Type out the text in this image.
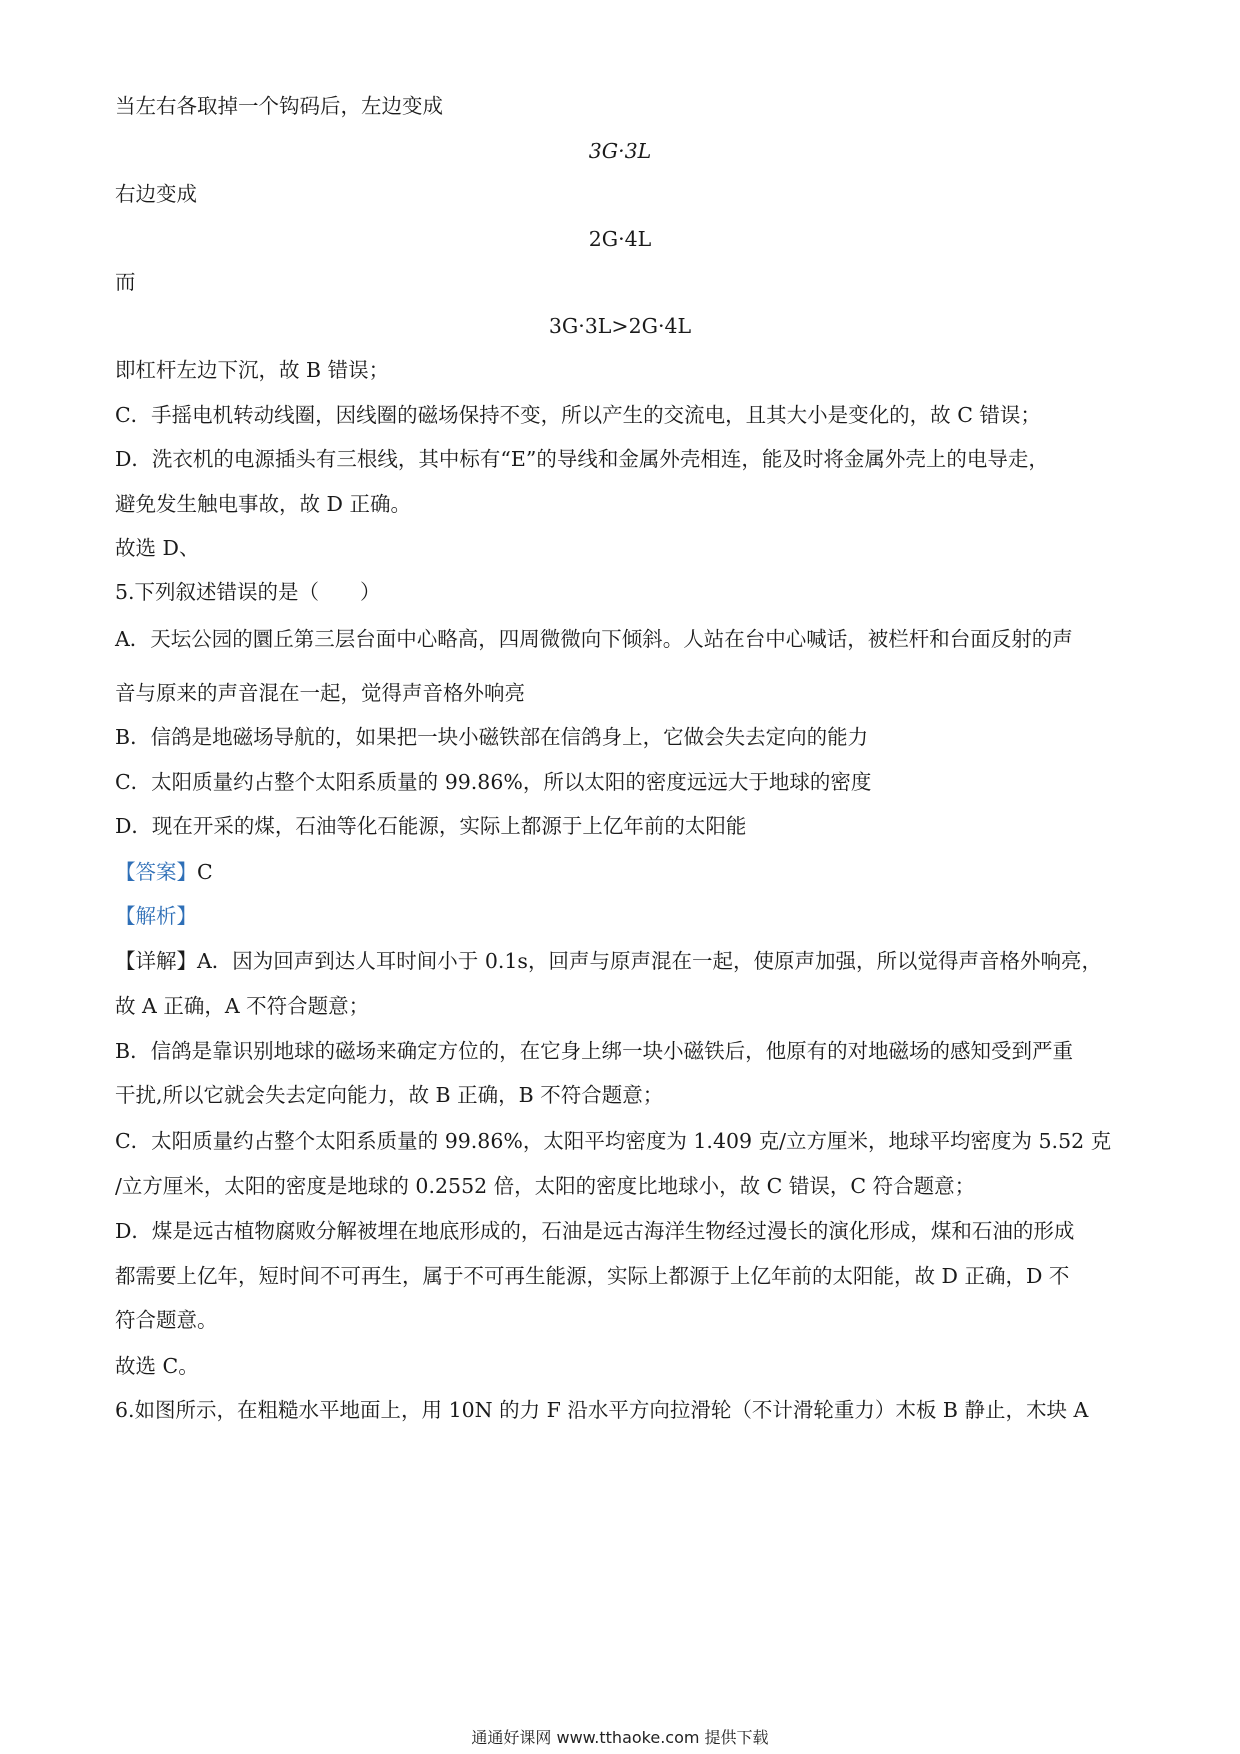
当左右各取掉一个钩码后，左边变成
3G·3L
右边变成
2G·4L
而
3G·3L>2G·4L
即杠杆左边下沉，故 B 错误；
C．手摇电机转动线圈，因线圈的磁场保持不变，所以产生的交流电，且其大小是变化的，故 C 错误；
D．洗衣机的电源插头有三根线，其中标有“E”的导线和金属外壳相连，能及时将金属外壳上的电导走，
避免发生触电事故，故 D 正确。
故选 D、
5.下列叙述错误的是（　　）
A．天坛公园的圜丘第三层台面中心略高，四周微微向下倾斜。人站在台中心喊话，被栏杆和台面反射的声
音与原来的声音混在一起，觉得声音格外响亮
B．信鸽是地磁场导航的，如果把一块小磁铁部在信鸽身上，它做会失去定向的能力
C．太阳质量约占整个太阳系质量的 99.86%，所以太阳的密度远远大于地球的密度
D．现在开采的煤，石油等化石能源，实际上都源于上亿年前的太阳能
【答案】C
【解析】
【详解】A．因为回声到达人耳时间小于 0.1s，回声与原声混在一起，使原声加强，所以觉得声音格外响亮，
故 A 正确，A 不符合题意；
B．信鸽是靠识别地球的磁场来确定方位的，在它身上绑一块小磁铁后，他原有的对地磁场的感知受到严重
干扰,所以它就会失去定向能力，故 B 正确，B 不符合题意；
C．太阳质量约占整个太阳系质量的 99.86%，太阳平均密度为 1.409 克/立方厘米，地球平均密度为 5.52 克
/立方厘米，太阳的密度是地球的 0.2552 倍，太阳的密度比地球小，故 C 错误，C 符合题意；
D．煤是远古植物腐败分解被埋在地底形成的，石油是远古海洋生物经过漫长的演化形成，煤和石油的形成
都需要上亿年，短时间不可再生，属于不可再生能源，实际上都源于上亿年前的太阳能，故 D 正确，D 不
符合题意。
故选 C。
6.如图所示，在粗糙水平地面上，用 10N 的力 F 沿水平方向拉滑轮（不计滑轮重力）木板 B 静止，木块 A
通通好课网 www.tthaoke.com 提供下载
